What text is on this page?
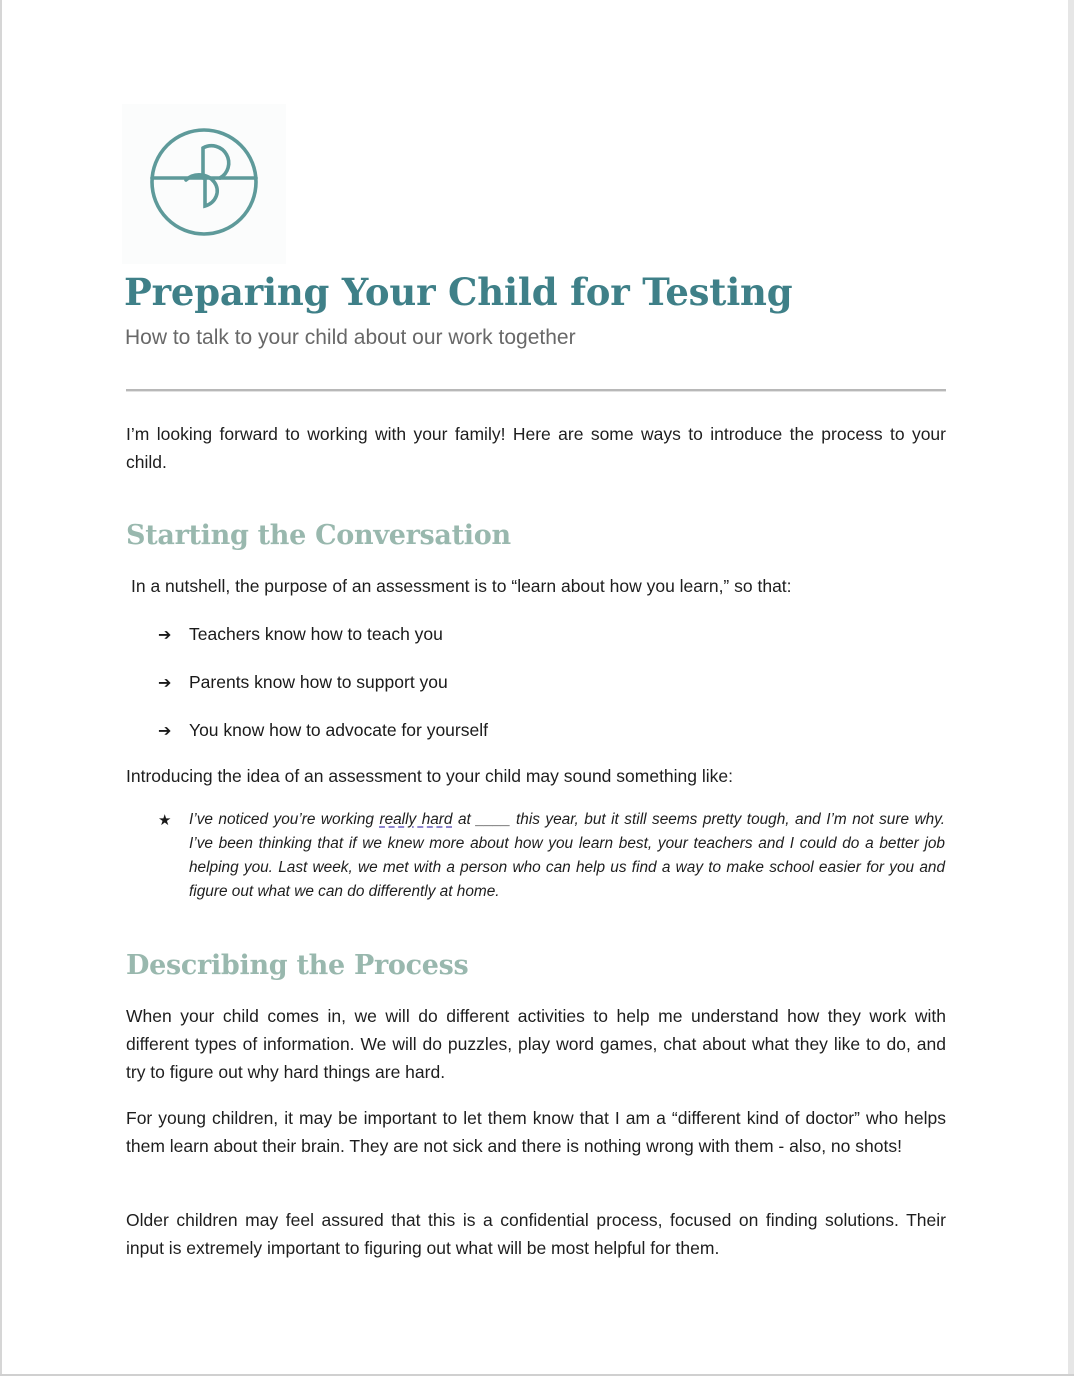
Preparing Your Child for Testing
How to talk to your child about our work together
I’m looking forward to working with your family! Here are some ways to introduce the process to your child.
Starting the Conversation
In a nutshell, the purpose of an assessment is to “learn about how you learn,” so that:
➔ Teachers know how to teach you
➔ Parents know how to support you
➔ You know how to advocate for yourself
Introducing the idea of an assessment to your child may sound something like:
★ I’ve noticed you’re working really hard at ____ this year, but it still seems pretty tough, and I’m not sure why. I’ve been thinking that if we knew more about how you learn best, your teachers and I could do a better job helping you. Last week, we met with a person who can help us find a way to make school easier for you and figure out what we can do differently at home.
Describing the Process
When your child comes in, we will do different activities to help me understand how they work with different types of information. We will do puzzles, play word games, chat about what they like to do, and try to figure out why hard things are hard.
For young children, it may be important to let them know that I am a “different kind of doctor” who helps them learn about their brain. They are not sick and there is nothing wrong with them - also, no shots!
Older children may feel assured that this is a confidential process, focused on finding solutions. Their input is extremely important to figuring out what will be most helpful for them.
